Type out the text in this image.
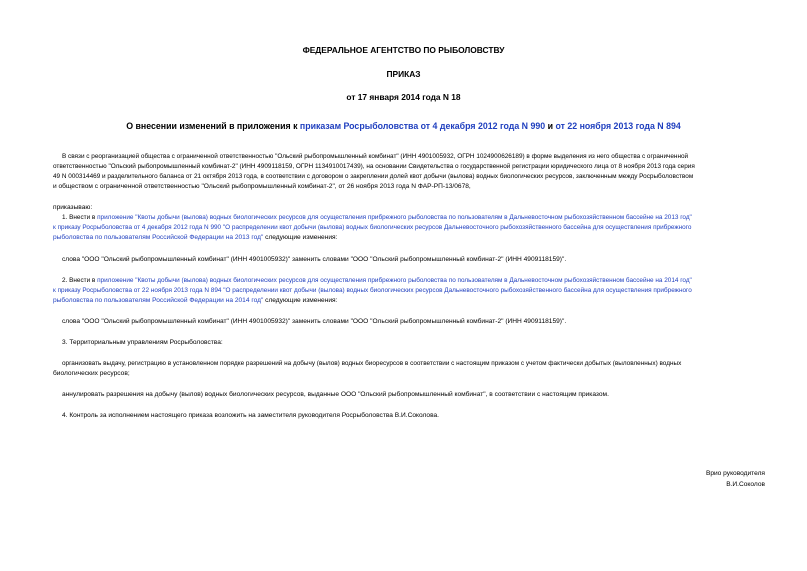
ФЕДЕРАЛЬНОЕ АГЕНТСТВО ПО РЫБОЛОВСТВУ
ПРИКАЗ
от 17 января 2014 года N 18
О внесении изменений в приложения к приказам Росрыболовства от 4 декабря 2012 года N 990 и от 22 ноября 2013 года N 894
В связи с реорганизацией общества с ограниченной ответственностью "Ольский рыбопромышленный комбинат" (ИНН 4901005932, ОГРН 1024900626189) в форме выделения из него общества с ограниченной
ответственностью "Ольский рыбопромышленный комбинат-2" (ИНН 4909118159, ОГРН 1134910017439), на основании Свидетельства о государственной регистрации юридического лица от 8 ноября 2013 года серия
49 N 000314469 и разделительного баланса от 21 октября 2013 года, в соответствии с договором о закреплении долей квот добычи (вылова) водных биологических ресурсов, заключенным между Росрыболовством
и обществом с ограниченной ответственностью "Ольский рыбопромышленный комбинат-2", от 26 ноября 2013 года N ФАР-РП-13/0678,
приказываю:
1. Внести в приложение "Квоты добычи (вылова) водных биологических ресурсов для осуществления прибрежного рыболовства по пользователям в Дальневосточном рыбохозяйственном бассейне на 2013 год"
к приказу Росрыболовства от 4 декабря 2012 года N 990 "О распределении квот добычи (вылова) водных биологических ресурсов Дальневосточного рыбохозяйственного бассейна для осуществления прибрежного
рыболовства по пользователям Российской Федерации на 2013 год" следующие изменения:
слова "ООО "Ольский рыбопромышленный комбинат" (ИНН 4901005932)" заменить словами "ООО "Ольский рыбопромышленный комбинат-2" (ИНН 4909118159)".
2. Внести в приложение "Квоты добычи (вылова) водных биологических ресурсов для осуществления прибрежного рыболовства по пользователям в Дальневосточном рыбохозяйственном бассейне на 2014 год"
к приказу Росрыболовства от 22 ноября 2013 года N 894 "О распределении квот добычи (вылова) водных биологических ресурсов Дальневосточного рыбохозяйственного бассейна для осуществления прибрежного
рыболовства по пользователям Российской Федерации на 2014 год" следующие изменения:
слова "ООО "Ольский рыбопромышленный комбинат" (ИНН 4901005932)" заменить словами "ООО "Ольский рыбопромышленный комбинат-2" (ИНН 4909118159)".
3. Территориальным управлениям Росрыболовства:
организовать выдачу, регистрацию в установленном порядке разрешений на добычу (вылов) водных биоресурсов в соответствии с настоящим приказом с учетом фактически добытых (выловленных) водных
биологических ресурсов;
аннулировать разрешения на добычу (вылов) водных биологических ресурсов, выданные ООО "Ольский рыбопромышленный комбинат", в соответствии с настоящим приказом.
4. Контроль за исполнением настоящего приказа возложить на заместителя руководителя Росрыболовства В.И.Соколова.
Врио руководителя
В.И.Соколов
